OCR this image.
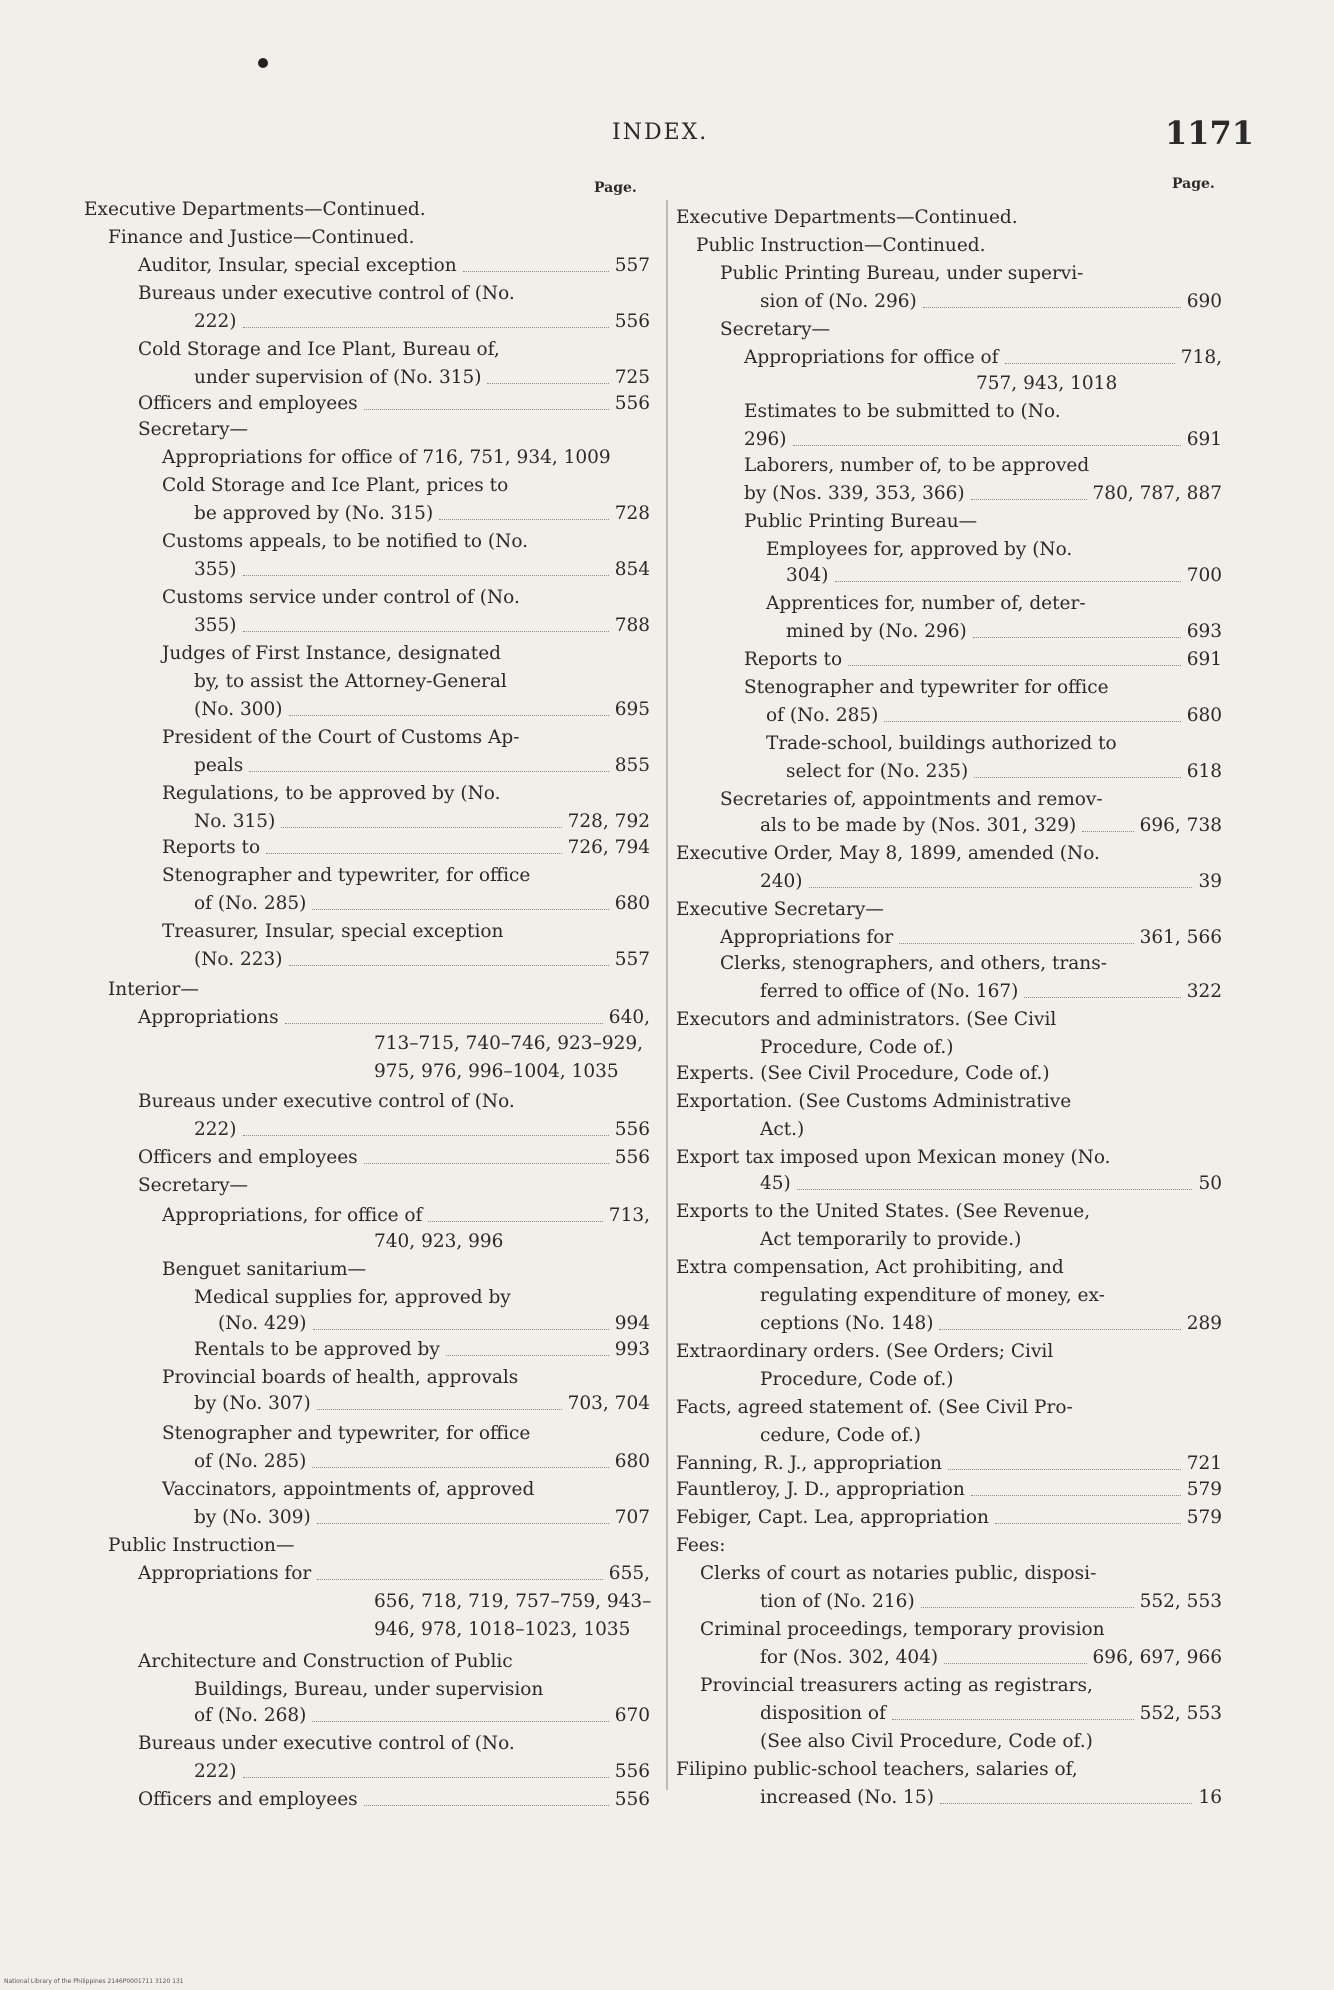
INDEX.	1171
Page.	Page.
Executive Departments—Continued.
Finance and Justice—Continued.
Auditor, Insular, special exception	557
Bureaus under executive control of (No.
222)	556
Cold Storage and Ice Plant, Bureau of,
under supervision of (No. 315)	725
Officers and employees	556
Secretary—
Appropriations for office of 716, 751, 934, 1009
Cold Storage and Ice Plant, prices to
be approved by (No. 315)	728
Customs appeals, to be notified to (No.
355)	854
Customs service under control of (No.
355)	788
Judges of First Instance, designated
by, to assist the Attorney-General
(No. 300)	695
President of the Court of Customs Ap-
peals	855
Regulations, to be approved by (No.
No. 315)	728, 792
Reports to	726, 794
Stenographer and typewriter, for office
of (No. 285)	680
Treasurer, Insular, special exception
(No. 223)	557
Interior—
Appropriations	640,
713–715, 740–746, 923–929,
975, 976, 996–1004, 1035
Bureaus under executive control of (No.
222)	556
Officers and employees	556
Secretary—
Appropriations, for office of	713,
740, 923, 996
Benguet sanitarium—
Medical supplies for, approved by
(No. 429)	994
Rentals to be approved by	993
Provincial boards of health, approvals
by (No. 307)	703, 704
Stenographer and typewriter, for office
of (No. 285)	680
Vaccinators, appointments of, approved
by (No. 309)	707
Public Instruction—
Appropriations for	655,
656, 718, 719, 757–759, 943–
946, 978, 1018–1023, 1035
Architecture and Construction of Public
Buildings, Bureau, under supervision
of (No. 268)	670
Bureaus under executive control of (No.
222)	556
Officers and employees	556
Executive Departments—Continued.
Public Instruction—Continued.
Public Printing Bureau, under supervi-
sion of (No. 296)	690
Secretary—
Appropriations for office of	718,
757, 943, 1018
Estimates to be submitted to (No.
296)	691
Laborers, number of, to be approved
by (Nos. 339, 353, 366)	780, 787, 887
Public Printing Bureau—
Employees for, approved by (No.
304)	700
Apprentices for, number of, deter-
mined by (No. 296)	693
Reports to	691
Stenographer and typewriter for office
of (No. 285)	680
Trade-school, buildings authorized to
select for (No. 235)	618
Secretaries of, appointments and remov-
als to be made by (Nos. 301, 329)	696, 738
Executive Order, May 8, 1899, amended (No.
240)	39
Executive Secretary—
Appropriations for	361, 566
Clerks, stenographers, and others, trans-
ferred to office of (No. 167)	322
Executors and administrators. (See Civil
Procedure, Code of.)
Experts. (See Civil Procedure, Code of.)
Exportation. (See Customs Administrative
Act.)
Export tax imposed upon Mexican money (No.
45)	50
Exports to the United States. (See Revenue,
Act temporarily to provide.)
Extra compensation, Act prohibiting, and
regulating expenditure of money, ex-
ceptions (No. 148)	289
Extraordinary orders. (See Orders; Civil
Procedure, Code of.)
Facts, agreed statement of. (See Civil Pro-
cedure, Code of.)
Fanning, R. J., appropriation	721
Fauntleroy, J. D., appropriation	579
Febiger, Capt. Lea, appropriation	579
Fees:
Clerks of court as notaries public, disposi-
tion of (No. 216)	552, 553
Criminal proceedings, temporary provision
for (Nos. 302, 404)	696, 697, 966
Provincial treasurers acting as registrars,
disposition of	552, 553
(See also Civil Procedure, Code of.)
Filipino public-school teachers, salaries of,
increased (No. 15)	16
National Library of the Philippines 2146P0001711 3120 131
